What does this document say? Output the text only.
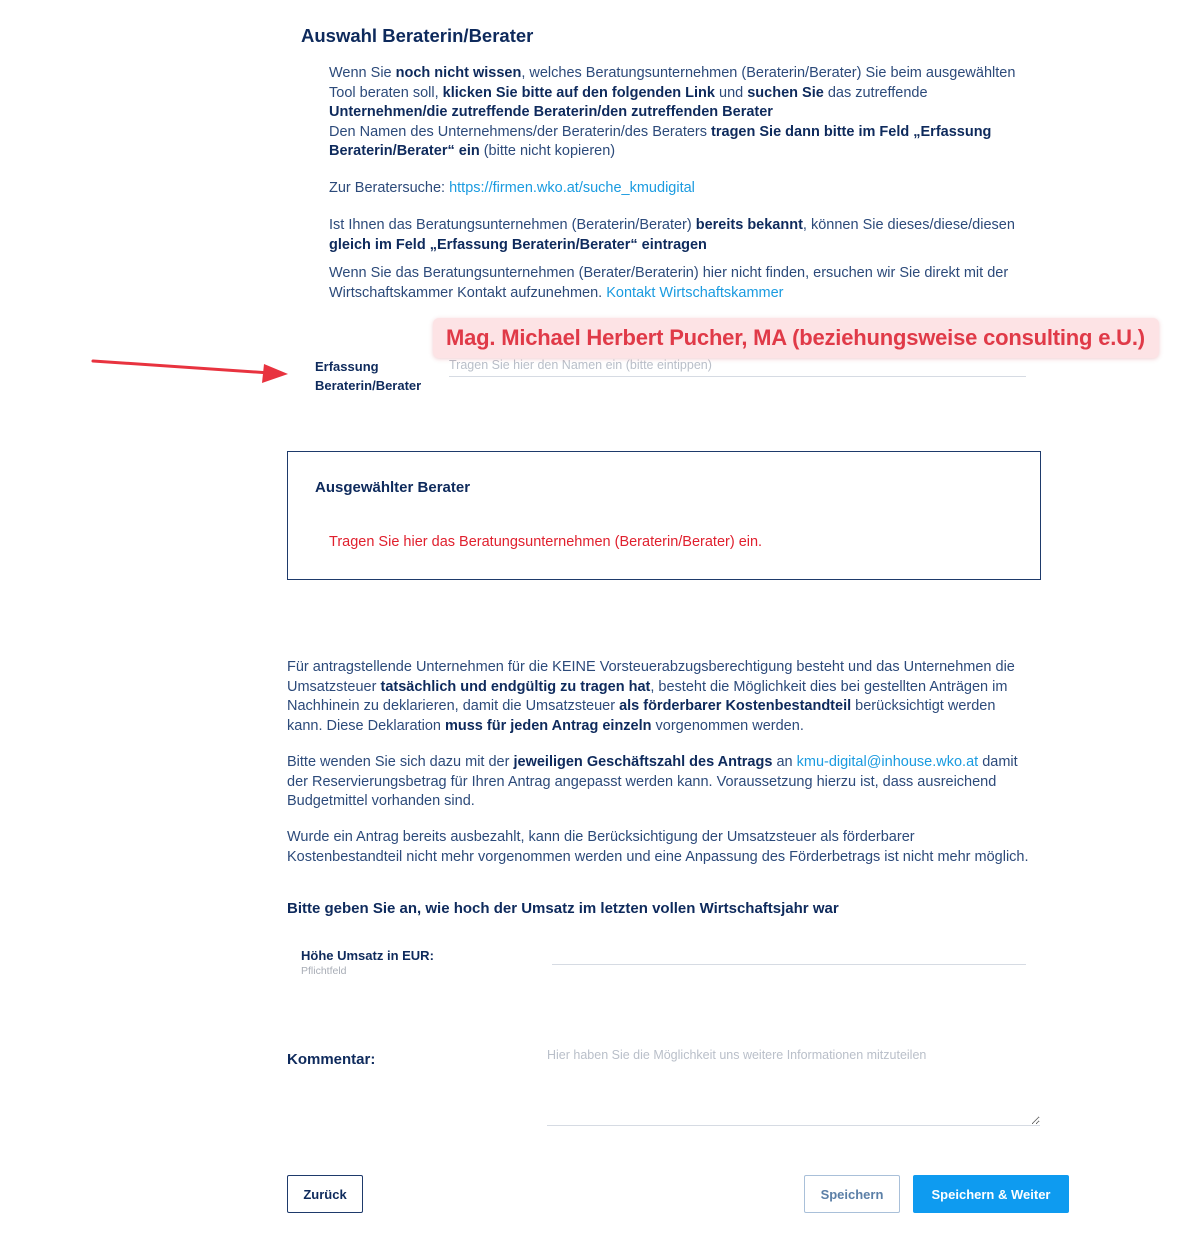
Auswahl Beraterin/Berater

Wenn Sie noch nicht wissen, welches Beratungsunternehmen (Beraterin/Berater) Sie beim ausgewählten Tool beraten soll, klicken Sie bitte auf den folgenden Link und suchen Sie das zutreffende Unternehmen/die zutreffende Beraterin/den zutreffenden Berater
Den Namen des Unternehmens/der Beraterin/des Beraters tragen Sie dann bitte im Feld „Erfassung Beraterin/Berater“ ein (bitte nicht kopieren)

Zur Beratersuche: https://firmen.wko.at/suche_kmudigital

Ist Ihnen das Beratungsunternehmen (Beraterin/Berater) bereits bekannt, können Sie dieses/diese/diesen gleich im Feld „Erfassung Beraterin/Berater“ eintragen

Wenn Sie das Beratungsunternehmen (Berater/Beraterin) hier nicht finden, ersuchen wir Sie direkt mit der Wirtschaftskammer Kontakt aufzunehmen. Kontakt Wirtschaftskammer

Erfassung Beraterin/Berater
Tragen Sie hier den Namen ein (bitte eintippen)
Mag. Michael Herbert Pucher, MA (beziehungsweise consulting e.U.)
Ausgewählter Berater
Tragen Sie hier das Beratungsunternehmen (Beraterin/Berater) ein.

Für antragstellende Unternehmen für die KEINE Vorsteuerabzugsberechtigung besteht und das Unternehmen die Umsatzsteuer tatsächlich und endgültig zu tragen hat, besteht die Möglichkeit dies bei gestellten Anträgen im Nachhinein zu deklarieren, damit die Umsatzsteuer als förderbarer Kostenbestandteil berücksichtigt werden kann. Diese Deklaration muss für jeden Antrag einzeln vorgenommen werden.

Bitte wenden Sie sich dazu mit der jeweiligen Geschäftszahl des Antrags an kmu-digital@inhouse.wko.at damit der Reservierungsbetrag für Ihren Antrag angepasst werden kann. Voraussetzung hierzu ist, dass ausreichend Budgetmittel vorhanden sind.

Wurde ein Antrag bereits ausbezahlt, kann die Berücksichtigung der Umsatzsteuer als förderbarer Kostenbestandteil nicht mehr vorgenommen werden und eine Anpassung des Förderbetrags ist nicht mehr möglich.

Bitte geben Sie an, wie hoch der Umsatz im letzten vollen Wirtschaftsjahr war
Höhe Umsatz in EUR:
Pflichtfeld
Kommentar:
Hier haben Sie die Möglichkeit uns weitere Informationen mitzuteilen
Zurück	Speichern	Speichern & Weiter
